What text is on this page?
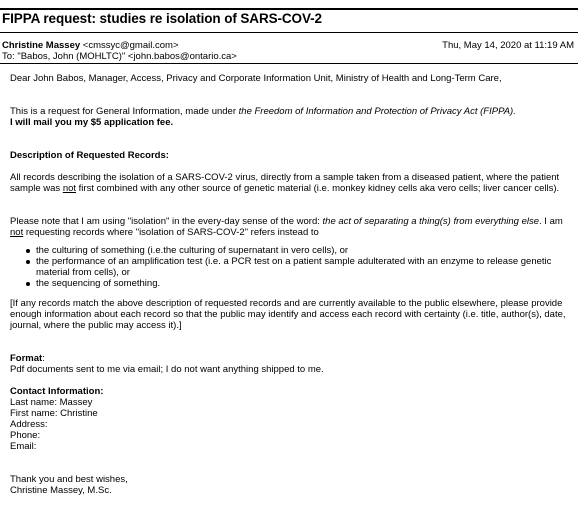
FIPPA request: studies re isolation of SARS-COV-2
Christine Massey <cmssyc@gmail.com>	Thu, May 14, 2020 at 11:19 AM
To: "Babos, John (MOHLTC)" <john.babos@ontario.ca>

Dear John Babos, Manager, Access, Privacy and Corporate Information Unit, Ministry of Health and Long-Term Care,

This is a request for General Information, made under the Freedom of Information and Protection of Privacy Act (FIPPA).

I will mail you my $5 application fee.

Description of Requested Records:

All records describing the isolation of a SARS-COV-2 virus, directly from a sample taken from a diseased patient, where the patient sample was not first combined with any other source of genetic material (i.e. monkey kidney cells aka vero cells; liver cancer cells).

Please note that I am using "isolation" in the every-day sense of the word: the act of separating a thing(s) from everything else. I am not requesting records where "isolation of SARS-COV-2" refers instead to

the culturing of something (i.e.the culturing of supernatant in vero cells), or
the performance of an amplification test (i.e. a PCR test on a patient sample adulterated with an enzyme to release genetic material from cells), or
the sequencing of something.

[If any records match the above description of requested records and are currently available to the public elsewhere, please provide enough information about each record so that the public may identify and access each record with certainty (i.e. title, author(s), date, journal, where the public may access it).]

Format:

Pdf documents sent to me via email; I do not want anything shipped to me.

Contact Information:

Last name: Massey

First name: Christine

Address:

Phone:

Email:

Thank you and best wishes,

Christine Massey, M.Sc.
